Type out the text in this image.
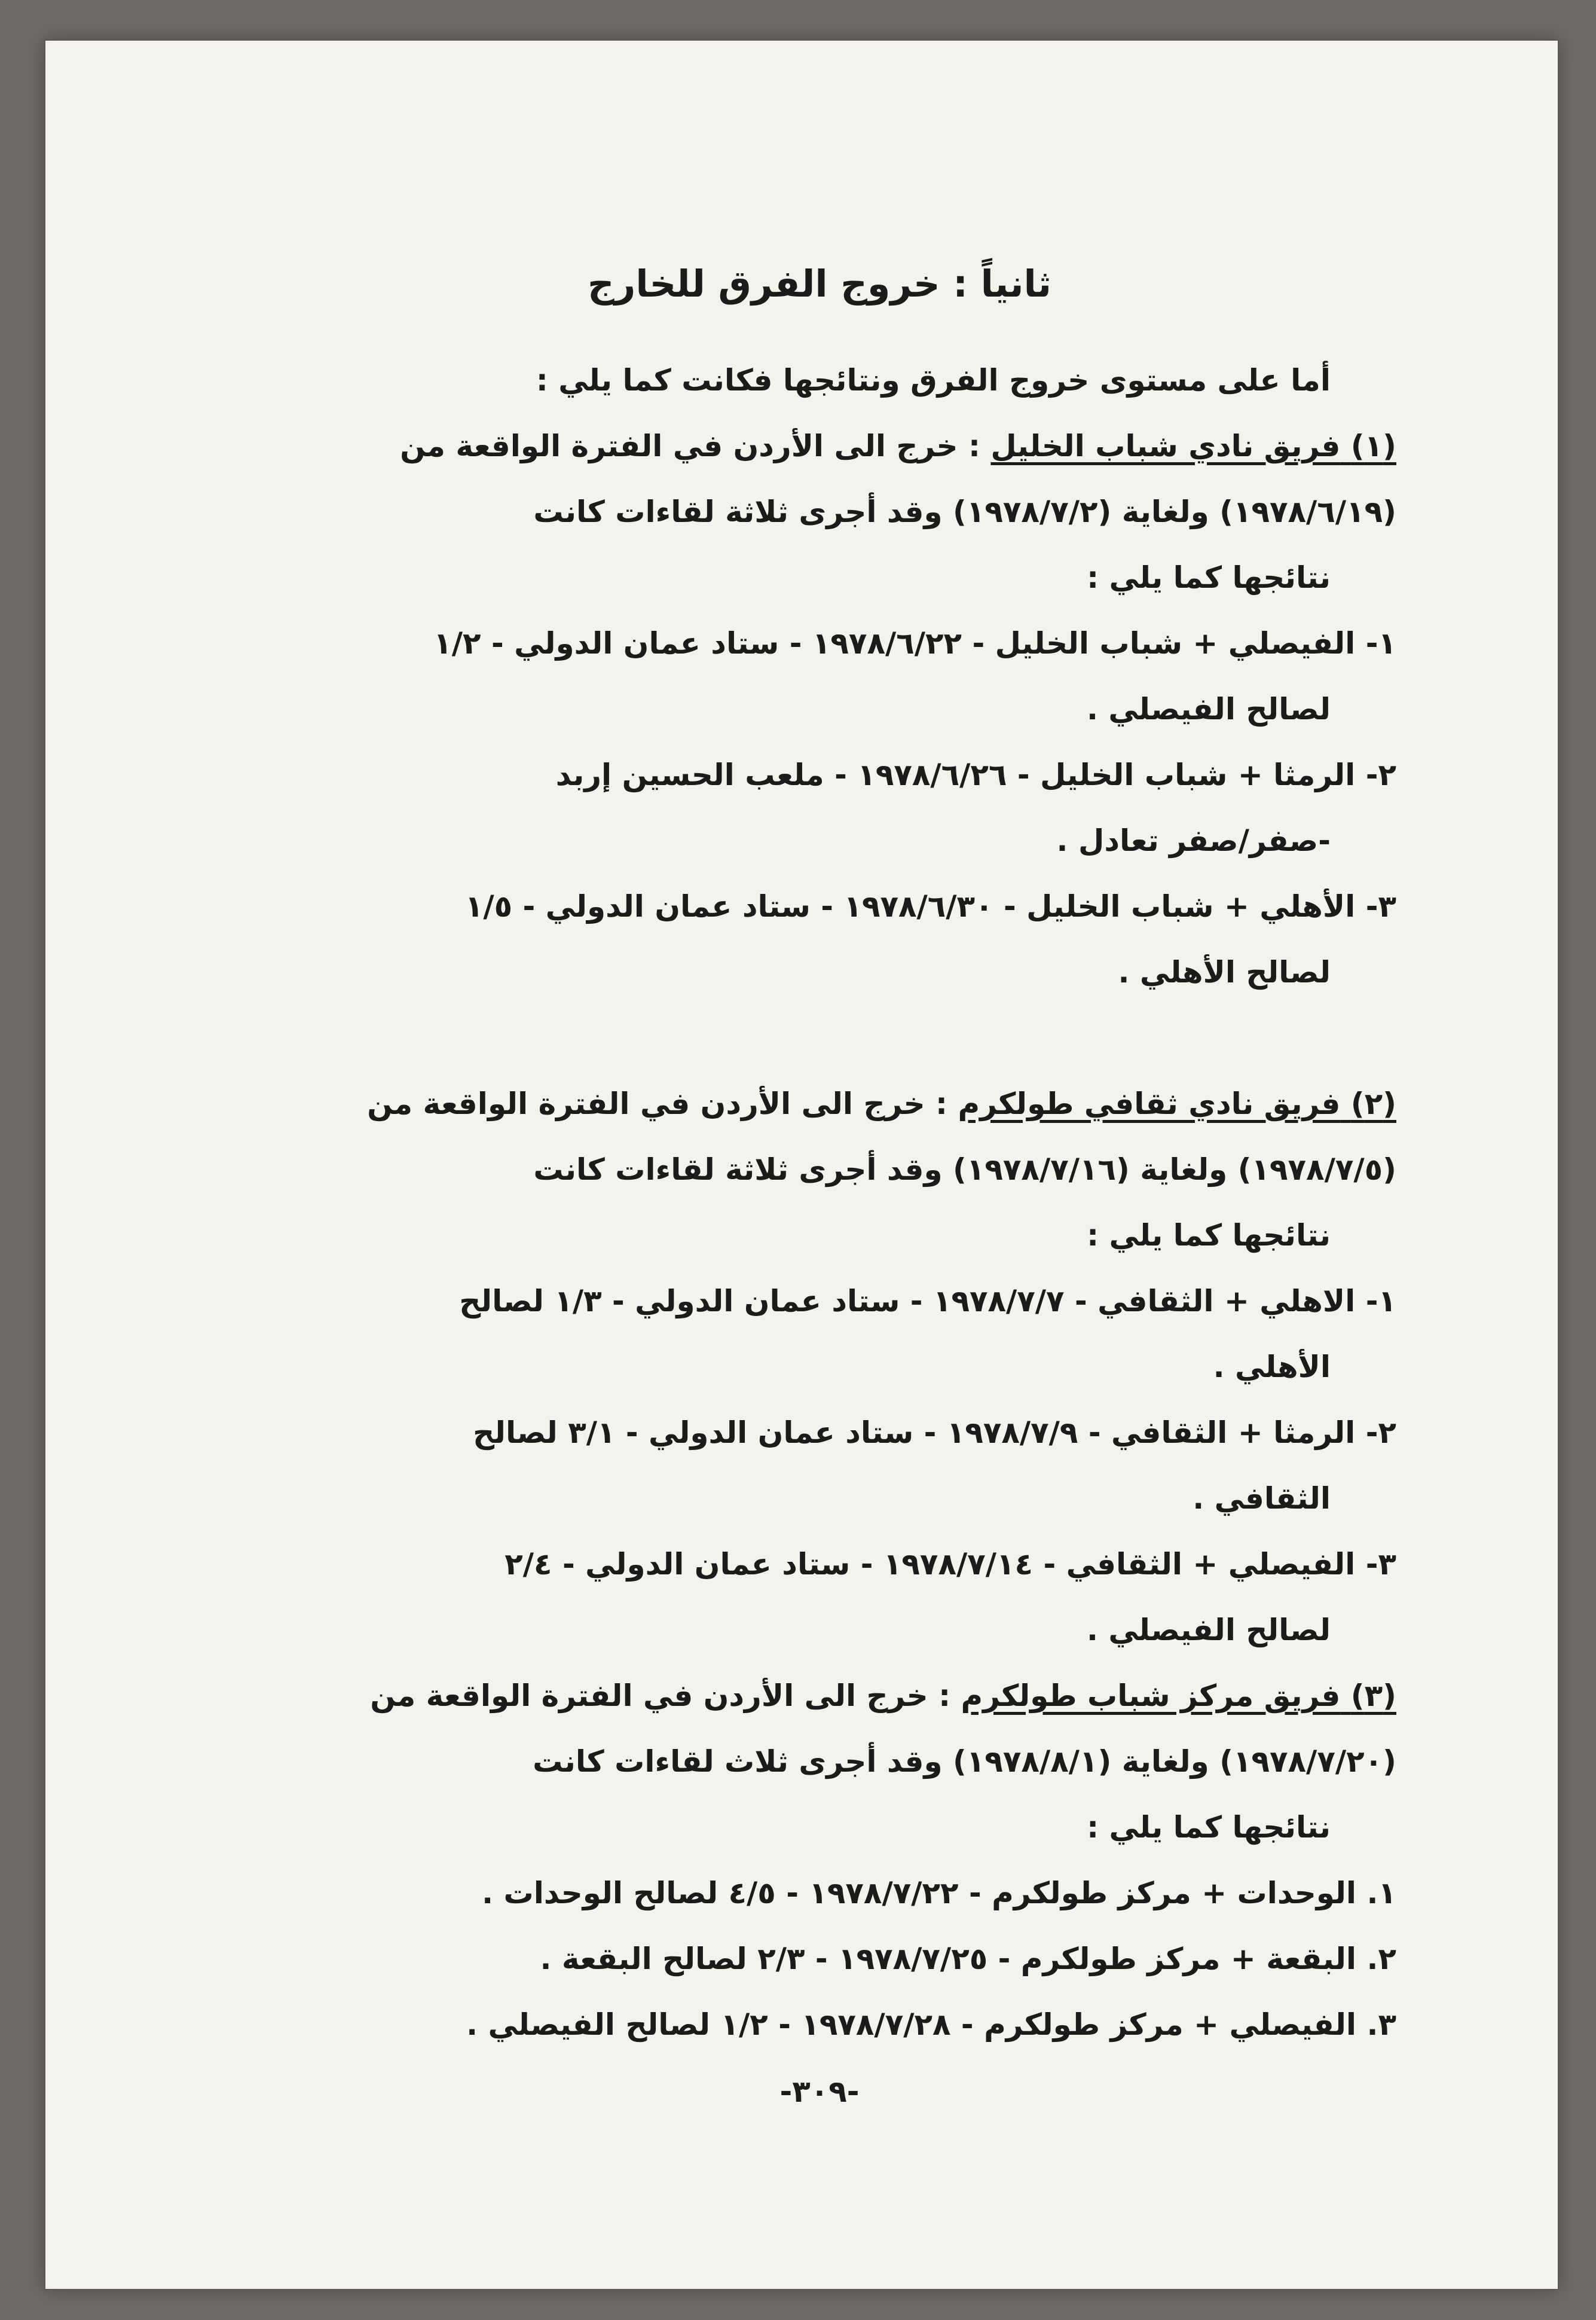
ثانياً : خروج الفرق للخارج

أما على مستوى خروج الفرق ونتائجها فكانت كما يلي :

(١) فريق نادي شباب الخليل : خرج الى الأردن في الفترة الواقعة من

(١٩٧٨/٦/١٩) ولغاية (١٩٧٨/٧/٢) وقد أجرى ثلاثة لقاءات كانت

نتائجها كما يلي :

١- الفيصلي + شباب الخليل - ١٩٧٨/٦/٢٢ - ستاد عمان الدولي - ١/٢

لصالح الفيصلي .

٢- الرمثا + شباب الخليل - ١٩٧٨/٦/٢٦ - ملعب الحسين إربد

-صفر/صفر تعادل .

٣- الأهلي + شباب الخليل - ١٩٧٨/٦/٣٠ - ستاد عمان الدولي - ١/٥

لصالح الأهلي .

(٢) فريق نادي ثقافي طولكرم : خرج الى الأردن في الفترة الواقعة من

(١٩٧٨/٧/٥) ولغاية (١٩٧٨/٧/١٦) وقد أجرى ثلاثة لقاءات كانت

نتائجها كما يلي :

١- الاهلي + الثقافي - ١٩٧٨/٧/٧ - ستاد عمان الدولي - ١/٣ لصالح

الأهلي .

٢- الرمثا + الثقافي - ١٩٧٨/٧/٩ - ستاد عمان الدولي - ٣/١ لصالح

الثقافي .

٣- الفيصلي + الثقافي - ١٩٧٨/٧/١٤ - ستاد عمان الدولي - ٢/٤

لصالح الفيصلي .

(٣) فريق مركز شباب طولكرم : خرج الى الأردن في الفترة الواقعة من

(١٩٧٨/٧/٢٠) ولغاية (١٩٧٨/٨/١) وقد أجرى ثلاث لقاءات كانت

نتائجها كما يلي :

١. الوحدات + مركز طولكرم - ١٩٧٨/٧/٢٢ - ٤/٥ لصالح الوحدات .

٢. البقعة + مركز طولكرم - ١٩٧٨/٧/٢٥ - ٢/٣ لصالح البقعة .

٣. الفيصلي + مركز طولكرم - ١٩٧٨/٧/٢٨ - ١/٢ لصالح الفيصلي .

-٣٠٩-
